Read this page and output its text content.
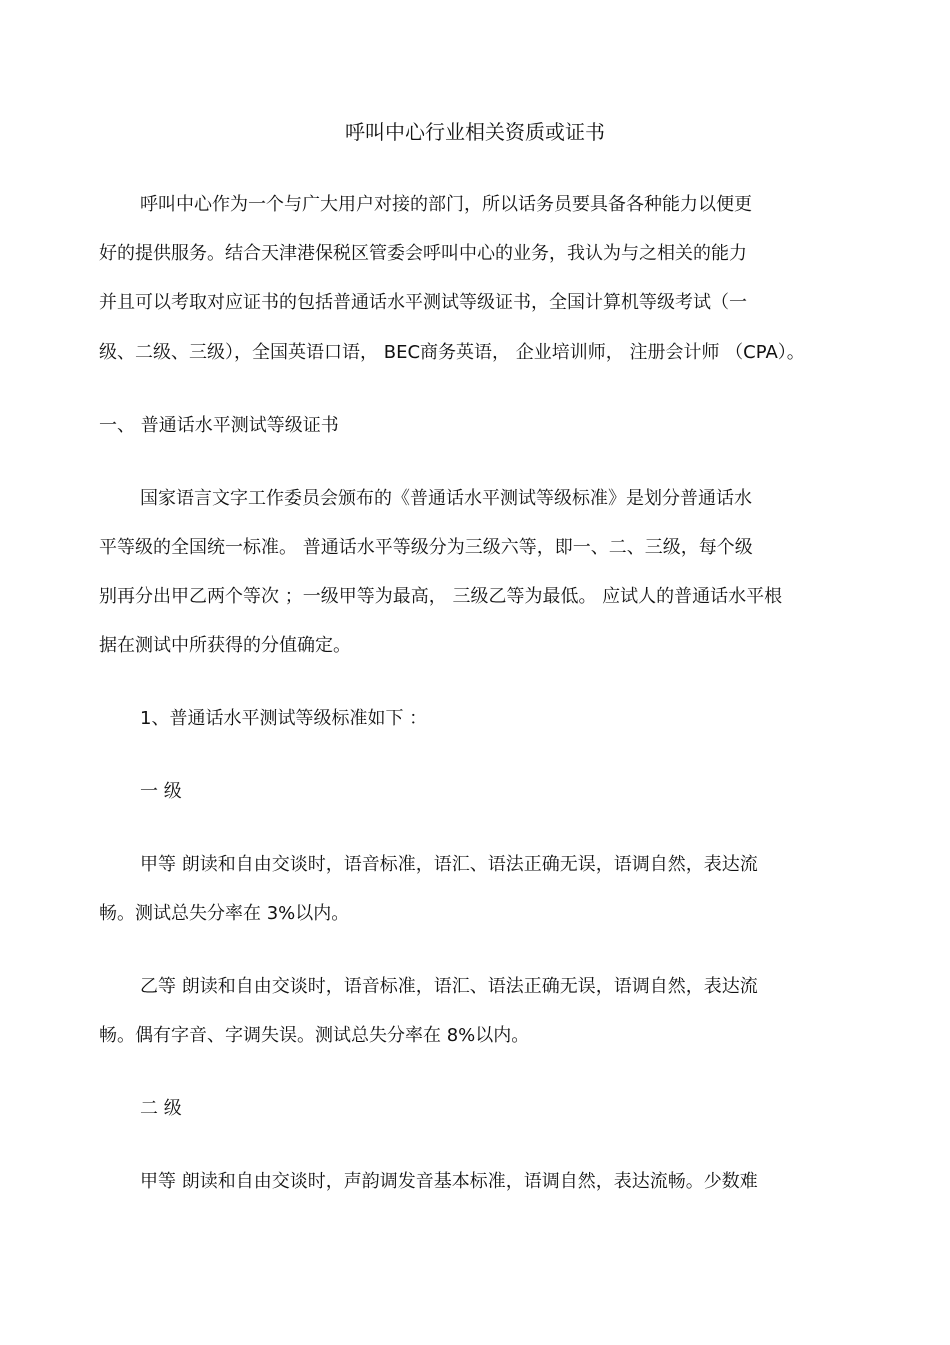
呼叫中心行业相关资质或证书
呼叫中心作为一个与广大用户对接的部门，所以话务员要具备各种能力以便更
好的提供服务。结合天津港保税区管委会呼叫中心的业务，我认为与之相关的能力
并且可以考取对应证书的包括普通话水平测试等级证书，全国计算机等级考试（一
级、二级、三级），全国英语口语， BEC商务英语， 企业培训师， 注册会计师 （CPA）。
一、 普通话水平测试等级证书
国家语言文字工作委员会颁布的《普通话水平测试等级标准》是划分普通话水
平等级的全国统一标准。 普通话水平等级分为三级六等，即一、二、三级，每个级
别再分出甲乙两个等次 ；一级甲等为最高， 三级乙等为最低。 应试人的普通话水平根
据在测试中所获得的分值确定。
1、普通话水平测试等级标准如下 ：
一 级
甲等 朗读和自由交谈时，语音标准，语汇、语法正确无误，语调自然，表达流
畅。测试总失分率在 3%以内。
乙等 朗读和自由交谈时，语音标准，语汇、语法正确无误，语调自然，表达流
畅。偶有字音、字调失误。测试总失分率在 8%以内。
二 级
甲等 朗读和自由交谈时，声韵调发音基本标准，语调自然，表达流畅。少数难
